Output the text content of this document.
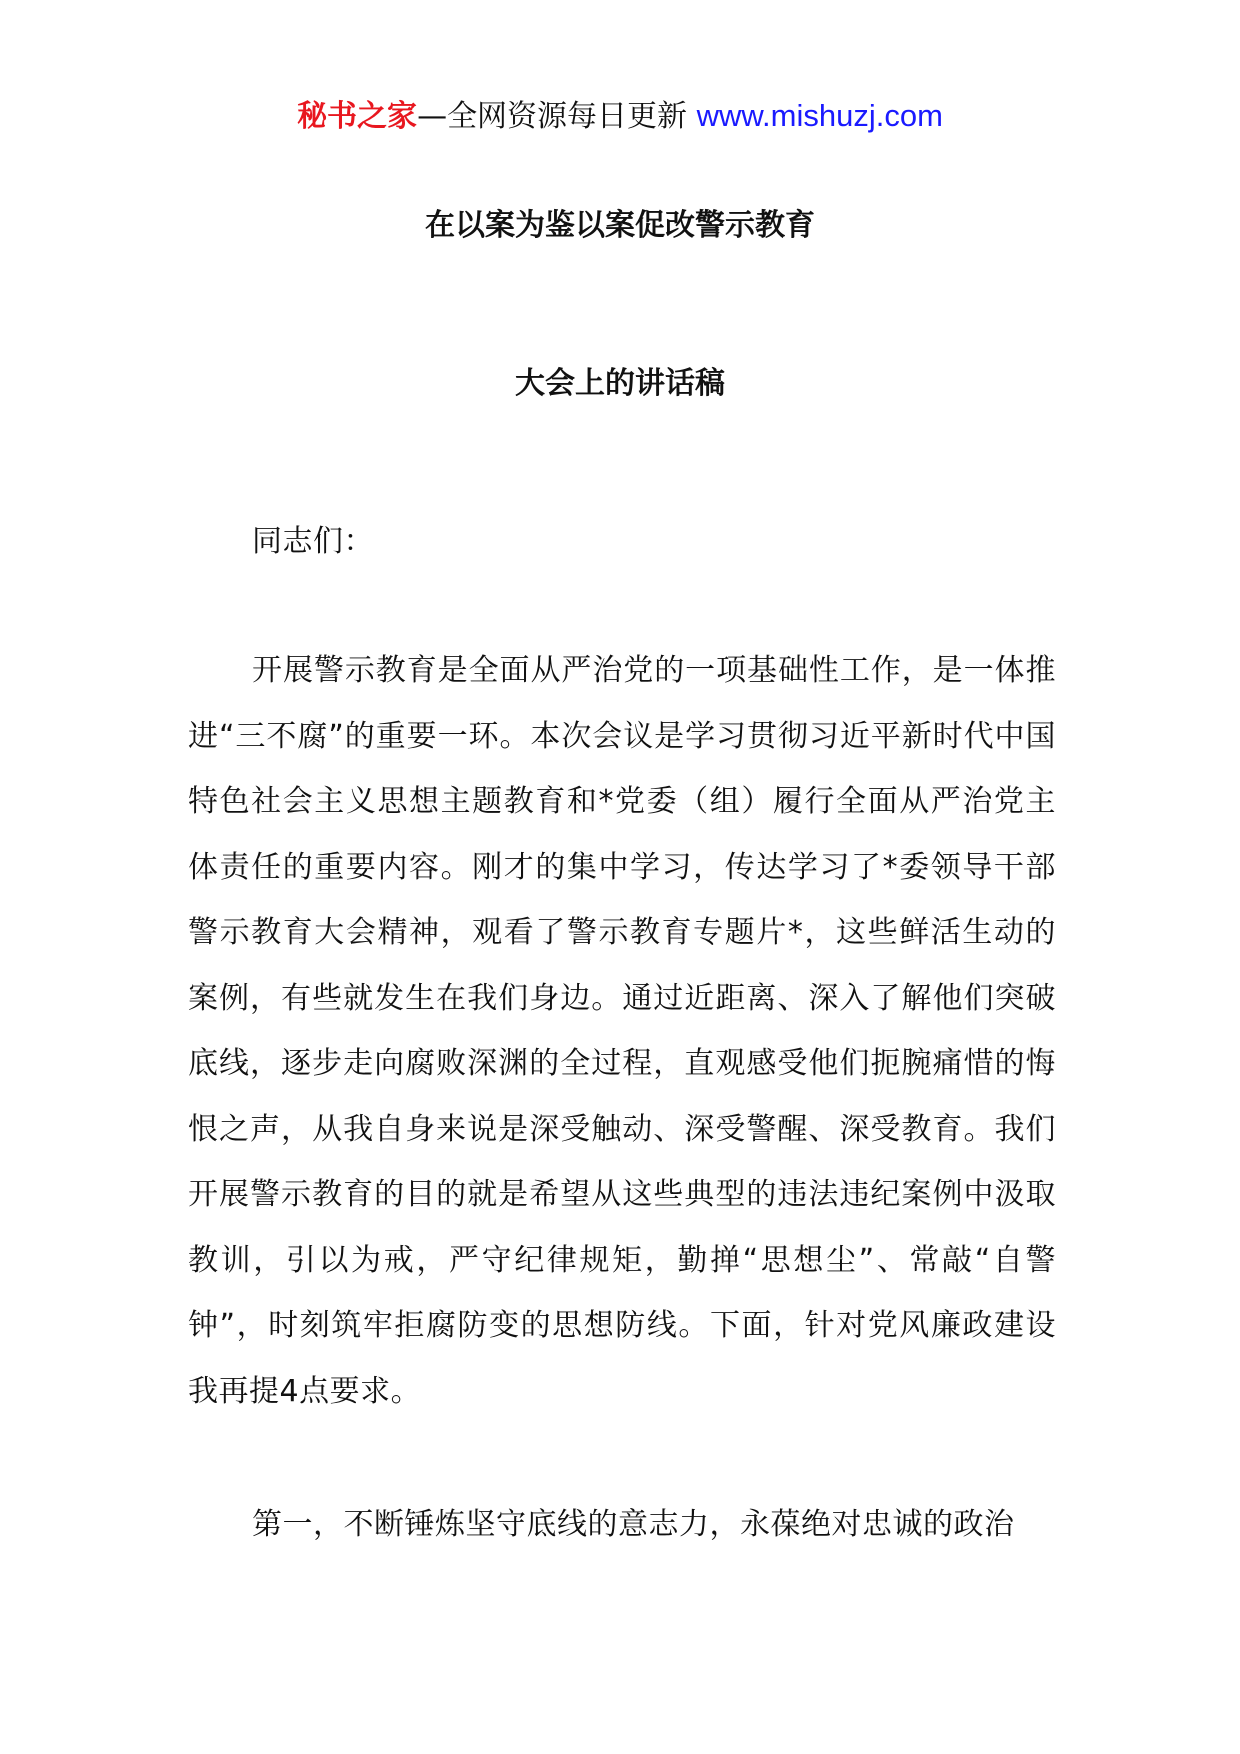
秘书之家—全网资源每日更新 www.mishuzj.com
在以案为鉴以案促改警示教育
大会上的讲话稿
同志们：

开展警示教育是全面从严治党的一项基础性工作，是一体推进“三不腐”的重要一环。本次会议是学习贯彻习近平新时代中国特色社会主义思想主题教育和*党委（组）履行全面从严治党主体责任的重要内容。刚才的集中学习，传达学习了*委领导干部警示教育大会精神，观看了警示教育专题片*，这些鲜活生动的案例，有些就发生在我们身边。通过近距离、深入了解他们突破底线，逐步走向腐败深渊的全过程，直观感受他们扼腕痛惜的悔恨之声，从我自身来说是深受触动、深受警醒、深受教育。我们开展警示教育的目的就是希望从这些典型的违法违纪案例中汲取教训，引以为戒，严守纪律规矩，勤掸“思想尘”、常敲“自警钟”，时刻筑牢拒腐防变的思想防线。下面，针对党风廉政建设我再提4点要求。

第一，不断锤炼坚守底线的意志力，永葆绝对忠诚的政治
